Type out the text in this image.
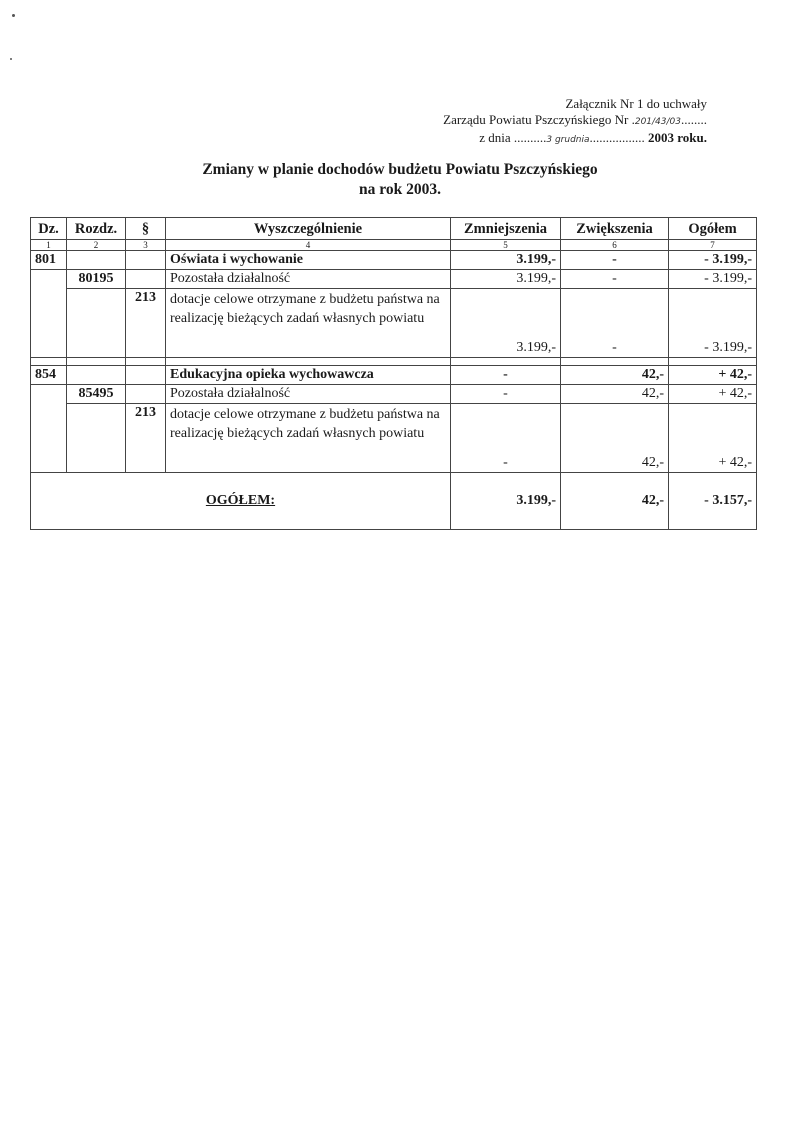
Załącznik Nr 1 do uchwały
Zarządu Powiatu Pszczyńskiego Nr .201/43/03........
z dnia ..........3 grudnia................. 2003 roku.
Zmiany w planie dochodów budżetu Powiatu Pszczyńskiego
na rok 2003.
Dz.	Rozdz.	§	Wyszczególnienie	Zmniejszenia	Zwiększenia	Ogółem
1	2	3	4	5	6	7
801			Oświata i wychowanie	3.199,-	-	- 3.199,-
	80195		Pozostała działalność	3.199,-	-	- 3.199,-
		213	dotacje celowe otrzymane z budżetu państwa na realizację bieżących zadań własnych powiatu	3.199,-	-	- 3.199,-

854			Edukacyjna opieka wychowawcza	-	42,-	+ 42,-
	85495		Pozostała działalność	-	42,-	+ 42,-
		213	dotacje celowe otrzymane z budżetu państwa na realizację bieżących zadań własnych powiatu	-	42,-	+ 42,-
OGÓŁEM:				3.199,-	42,-	- 3.157,-
